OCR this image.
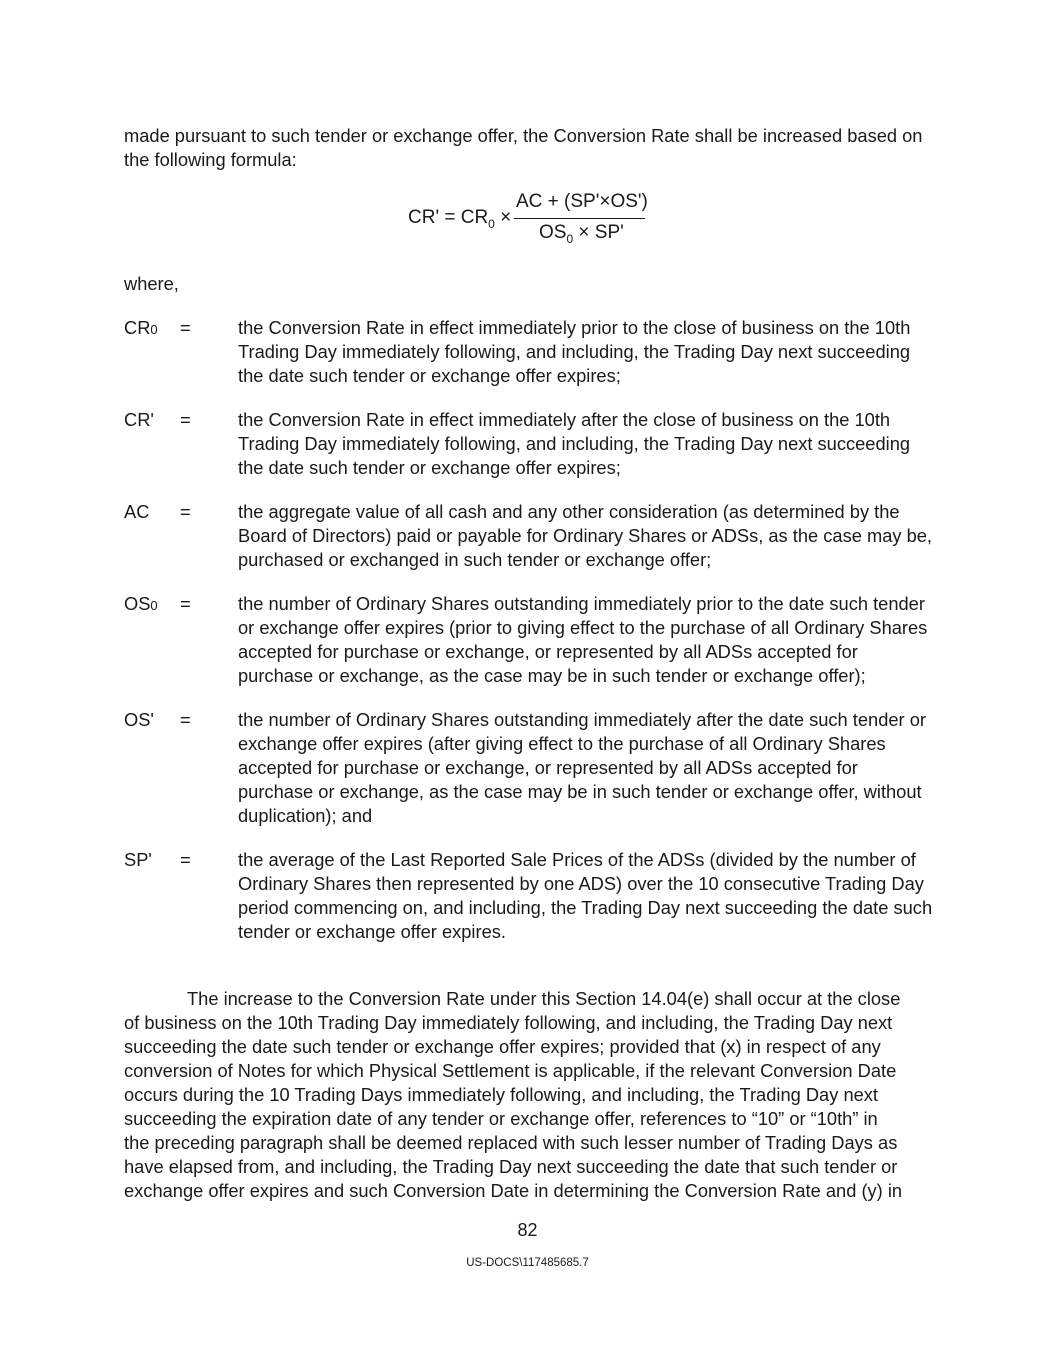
made pursuant to such tender or exchange offer, the Conversion Rate shall be increased based on
the following formula:

$CR' = CR_0$ ×
AC + (SP'×OS')
$OS_0 \times SP'$

where,

CR0	=	the Conversion Rate in effect immediately prior to the close of business on the 10th Trading Day immediately following, and including, the Trading Day next succeeding the date such tender or exchange offer expires;
CR'	=	the Conversion Rate in effect immediately after the close of business on the 10th Trading Day immediately following, and including, the Trading Day next succeeding the date such tender or exchange offer expires;
AC	=	the aggregate value of all cash and any other consideration (as determined by the Board of Directors) paid or payable for Ordinary Shares or ADSs, as the case may be, purchased or exchanged in such tender or exchange offer;
OS0	=	the number of Ordinary Shares outstanding immediately prior to the date such tender or exchange offer expires (prior to giving effect to the purchase of all Ordinary Shares accepted for purchase or exchange, or represented by all ADSs accepted for purchase or exchange, as the case may be in such tender or exchange offer);
OS'	=	the number of Ordinary Shares outstanding immediately after the date such tender or exchange offer expires (after giving effect to the purchase of all Ordinary Shares accepted for purchase or exchange, or represented by all ADSs accepted for purchase or exchange, as the case may be in such tender or exchange offer, without duplication); and
SP'	=	the average of the Last Reported Sale Prices of the ADSs (divided by the number of Ordinary Shares then represented by one ADS) over the 10 consecutive Trading Day period commencing on, and including, the Trading Day next succeeding the date such tender or exchange offer expires.

The increase to the Conversion Rate under this Section 14.04(e) shall occur at the close
of business on the 10th Trading Day immediately following, and including, the Trading Day next
succeeding the date such tender or exchange offer expires; provided that (x) in respect of any
conversion of Notes for which Physical Settlement is applicable, if the relevant Conversion Date
occurs during the 10 Trading Days immediately following, and including, the Trading Day next
succeeding the expiration date of any tender or exchange offer, references to “10” or “10th” in
the preceding paragraph shall be deemed replaced with such lesser number of Trading Days as
have elapsed from, and including, the Trading Day next succeeding the date that such tender or
exchange offer expires and such Conversion Date in determining the Conversion Rate and (y) in

82
US-DOCS\117485685.7
